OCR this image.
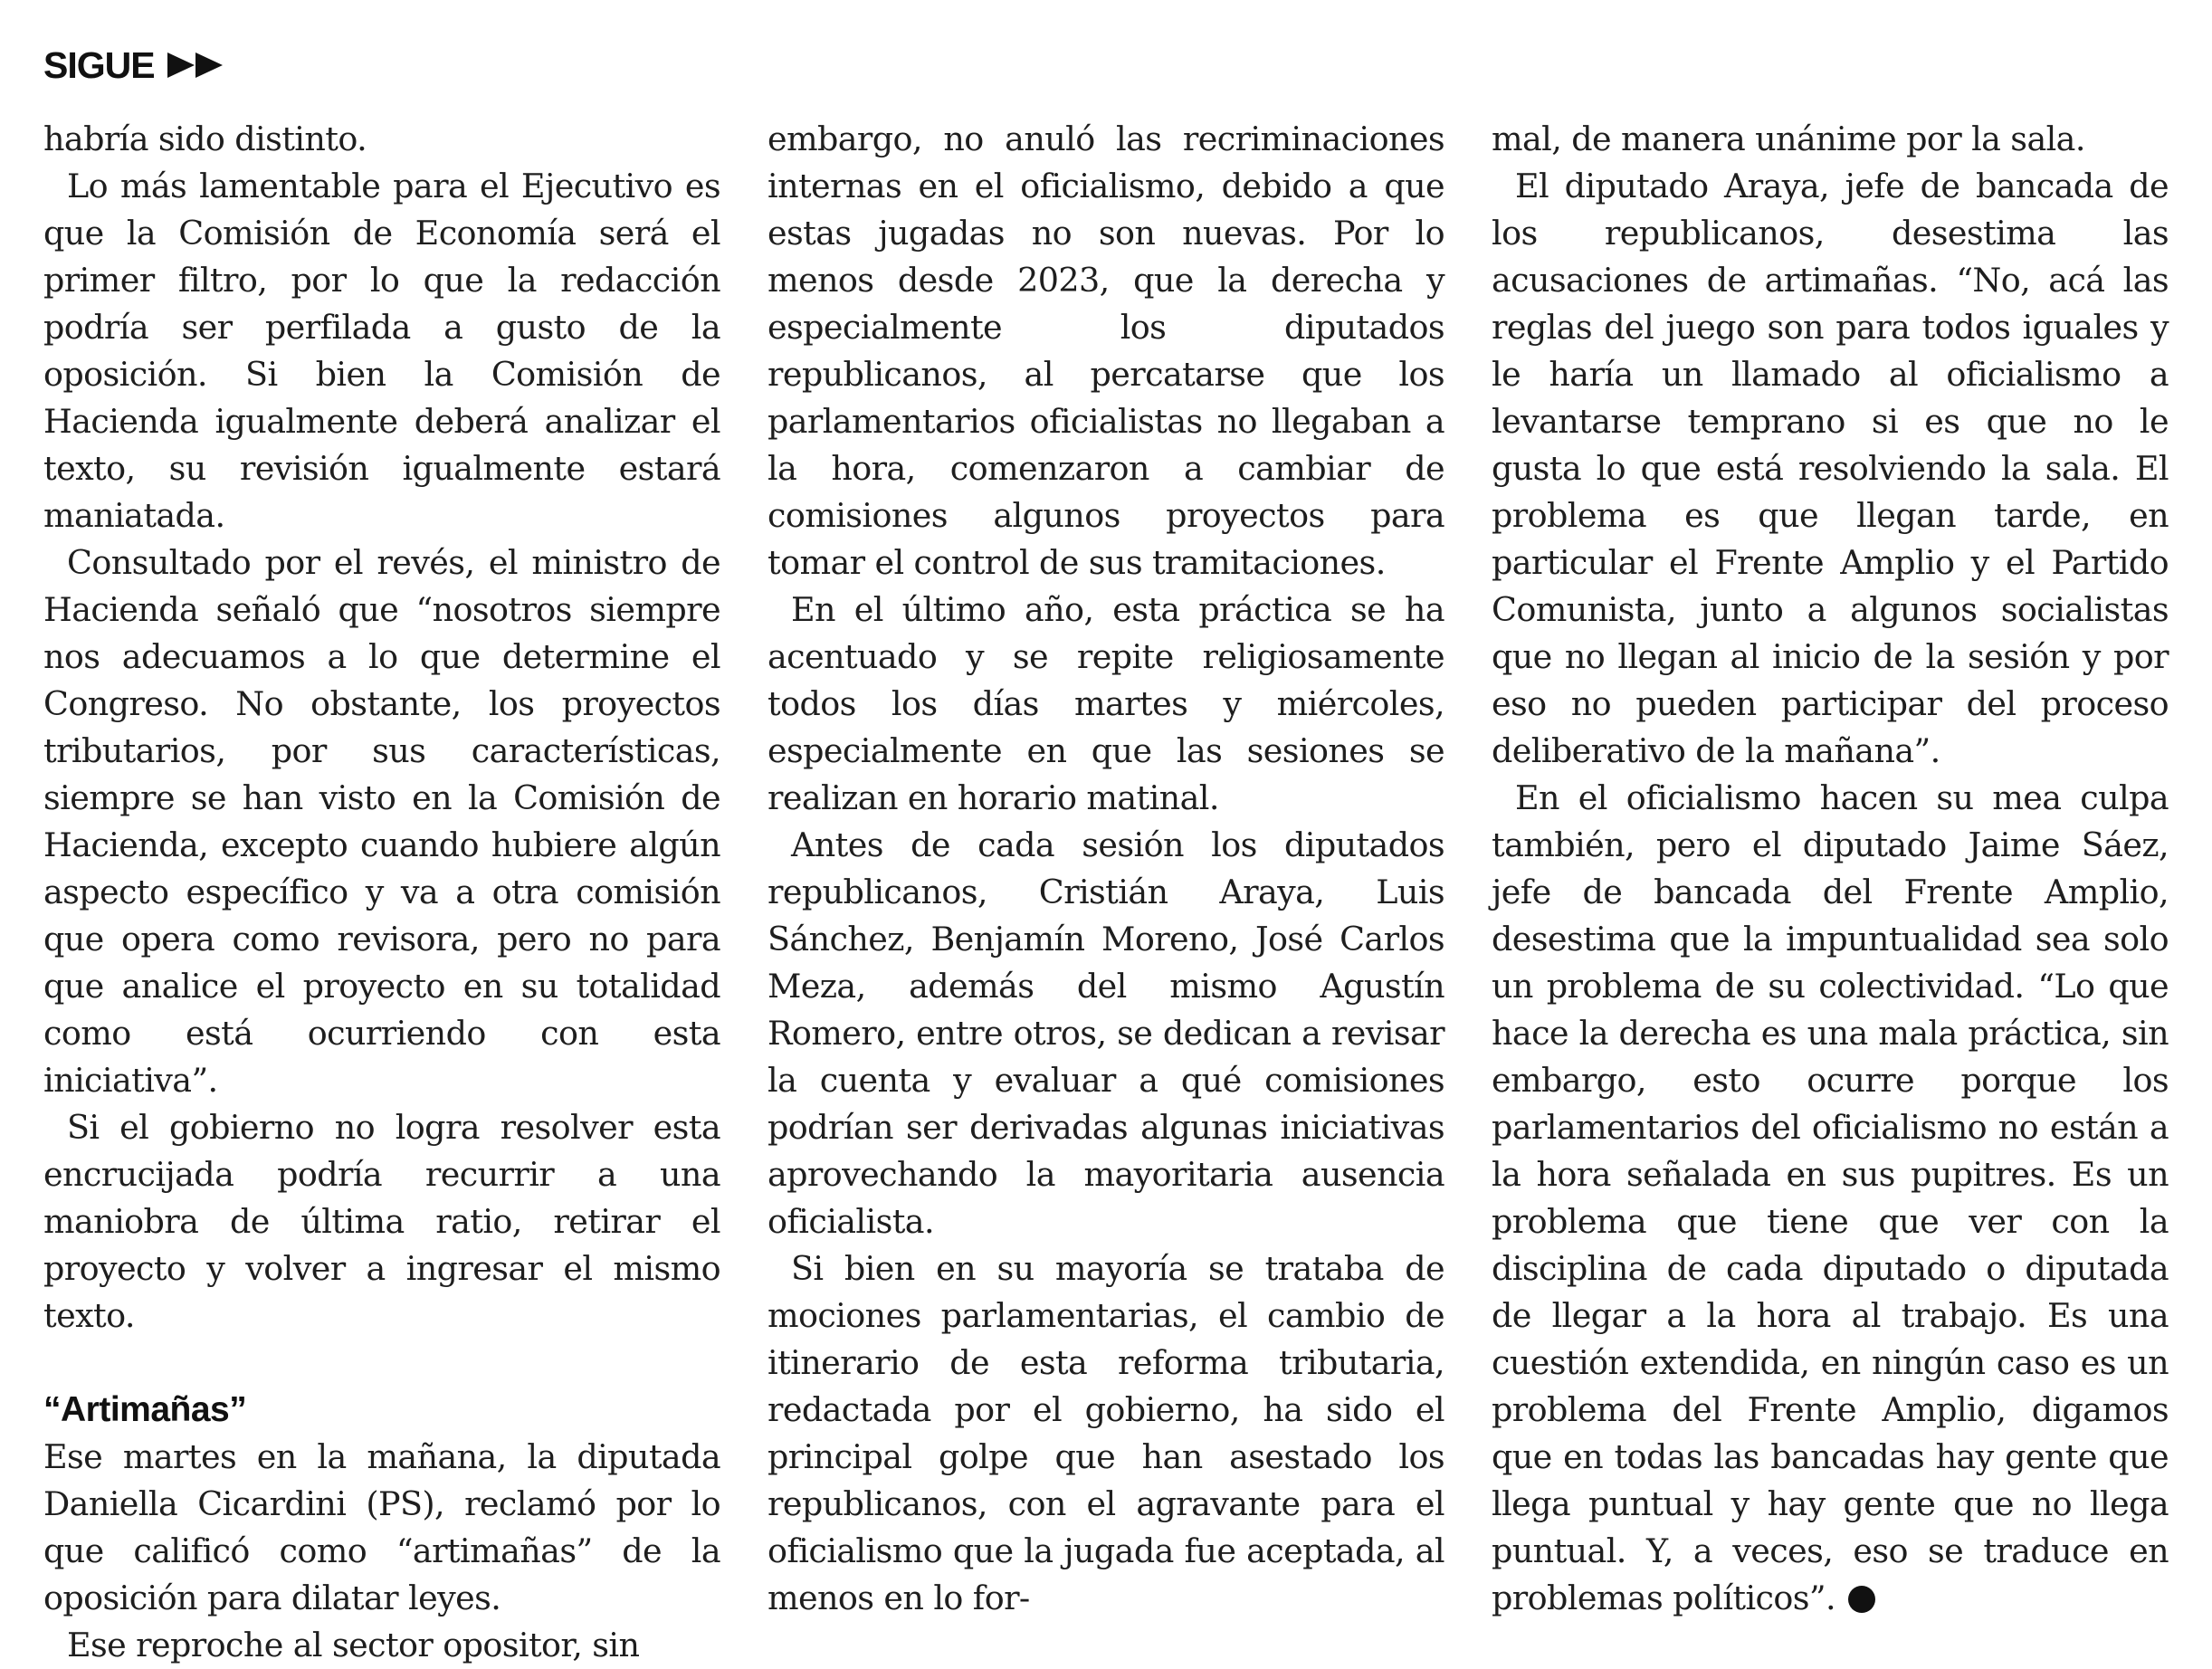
SIGUE

habría sido distinto.

Lo más lamentable para el Ejecutivo es que la Comisión de Economía será el primer filtro, por lo que la redacción podría ser perfilada a gusto de la oposición. Si bien la Comisión de Hacienda igualmente deberá analizar el texto, su revisión igualmente estará maniatada.

Consultado por el revés, el ministro de Hacienda señaló que “nosotros siempre nos adecuamos a lo que determine el Congreso. No obstante, los proyectos tributarios, por sus características, siempre se han visto en la Comisión de Hacienda, excepto cuando hubiere algún aspecto específico y va a otra comisión que opera como revisora, pero no para que analice el proyecto en su totalidad como está ocurriendo con esta iniciativa”.

Si el gobierno no logra resolver esta encrucijada podría recurrir a una maniobra de última ratio, retirar el proyecto y volver a ingresar el mismo texto.

“Artimañas”

Ese martes en la mañana, la diputada Daniella Cicardini (PS), reclamó por lo que calificó como “artimañas” de la oposición para dilatar leyes.

Ese reproche al sector opositor, sin

embargo, no anuló las recriminaciones internas en el oficialismo, debido a que estas jugadas no son nuevas. Por lo menos desde 2023, que la derecha y especialmente los diputados republicanos, al percatarse que los parlamentarios oficialistas no llegaban a la hora, comenzaron a cambiar de comisiones algunos proyectos para tomar el control de sus tramitaciones.

En el último año, esta práctica se ha acentuado y se repite religiosamente todos los días martes y miércoles, especialmente en que las sesiones se realizan en horario matinal.

Antes de cada sesión los diputados republicanos, Cristián Araya, Luis Sánchez, Benjamín Moreno, José Carlos Meza, además del mismo Agustín Romero, entre otros, se dedican a revisar la cuenta y evaluar a qué comisiones podrían ser derivadas algunas iniciativas aprovechando la mayoritaria ausencia oficialista.

Si bien en su mayoría se trataba de mociones parlamentarias, el cambio de itinerario de esta reforma tributaria, redactada por el gobierno, ha sido el principal golpe que han asestado los republicanos, con el agravante para el oficialismo que la jugada fue aceptada, al menos en lo for-

mal, de manera unánime por la sala.

El diputado Araya, jefe de bancada de los republicanos, desestima las acusaciones de artimañas. “No, acá las reglas del juego son para todos iguales y le haría un llamado al oficialismo a levantarse temprano si es que no le gusta lo que está resolviendo la sala. El problema es que llegan tarde, en particular el Frente Amplio y el Partido Comunista, junto a algunos socialistas que no llegan al inicio de la sesión y por eso no pueden participar del proceso deliberativo de la mañana”.

En el oficialismo hacen su mea culpa también, pero el diputado Jaime Sáez, jefe de bancada del Frente Amplio, desestima que la impuntualidad sea solo un problema de su colectividad. “Lo que hace la derecha es una mala práctica, sin embargo, esto ocurre porque los parlamentarios del oficialismo no están a la hora señalada en sus pupitres. Es un problema que tiene que ver con la disciplina de cada diputado o diputada de llegar a la hora al trabajo. Es una cuestión extendida, en ningún caso es un problema del Frente Amplio, digamos que en todas las bancadas hay gente que llega puntual y hay gente que no llega puntual. Y, a veces, eso se traduce en problemas políticos”.
